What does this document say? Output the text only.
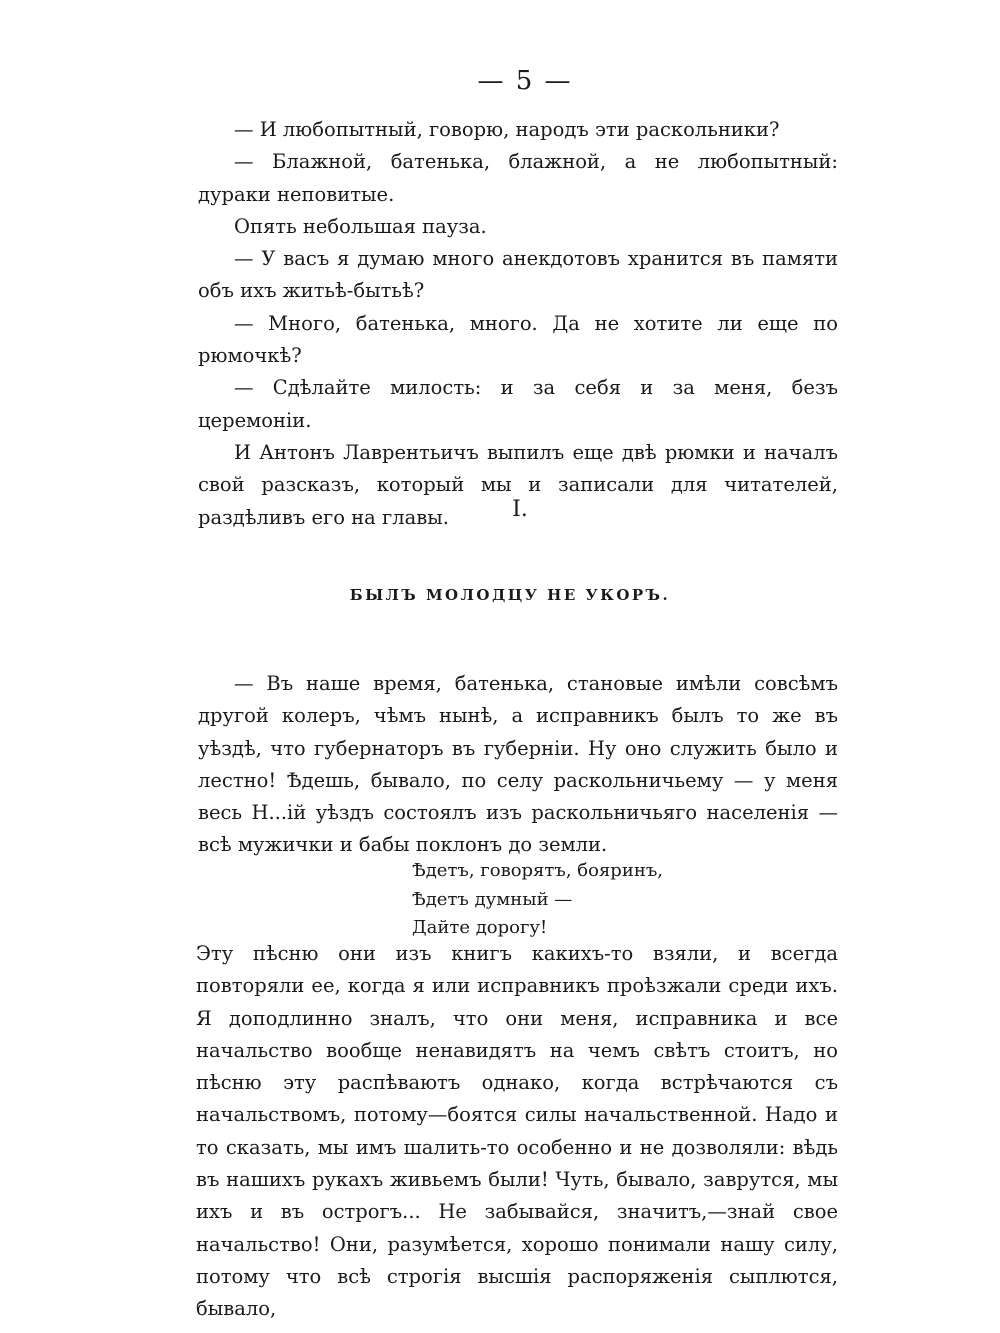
— 5 —

— И любопытный, говорю, народъ эти раскольники?

— Блажной, батенька, блажной, а не любопытный: дураки неповитые.

Опять небольшая пауза.

— У васъ я думаю много анекдотовъ хранится въ памяти объ ихъ житьѣ-бытьѣ?

— Много, батенька, много. Да не хотите ли еще по рюмочкѣ?

— Сдѣлайте милость: и за себя и за меня, безъ церемоніи.

И Антонъ Лаврентьичъ выпилъ еще двѣ рюмки и началъ свой разсказъ, который мы и записали для читателей, раздѣливъ его на главы.	I.
БЫЛЪ МОЛОДЦУ НЕ УКОРЪ.

— Въ наше время, батенька, становые имѣли совсѣмъ другой колеръ, чѣмъ нынѣ, а исправникъ былъ то же въ уѣздѣ, что губернаторъ въ губерніи. Ну оно служить было и лестно! Ѣдешь, бывало, по селу раскольничьему — у меня весь Н...ій уѣздъ состоялъ изъ раскольничьяго населенія — всѣ мужички и бабы поклонъ до земли.

Ѣдетъ, говорятъ, бояринъ,
Ѣдетъ думный —
Дайте дорогу!

Эту пѣсню они изъ книгъ какихъ-то взяли, и всегда повторяли ее, когда я или исправникъ проѣзжали среди ихъ. Я доподлинно зналъ, что они меня, исправника и все начальство вообще ненавидятъ на чемъ свѣтъ стоитъ, но пѣсню эту распѣваютъ однако, когда встрѣчаются съ начальствомъ, потому—боятся силы начальственной. Надо и то сказать, мы имъ шалить-то особенно и не дозволяли: вѣдь въ нашихъ рукахъ живьемъ были! Чуть, бывало, заврутся, мы ихъ и въ острогъ... Не забывайся, значитъ,—знай свое начальство! Они, разумѣется, хорошо понимали нашу силу, потому что всѣ строгія высшія распоряженія сыплются, бывало,
